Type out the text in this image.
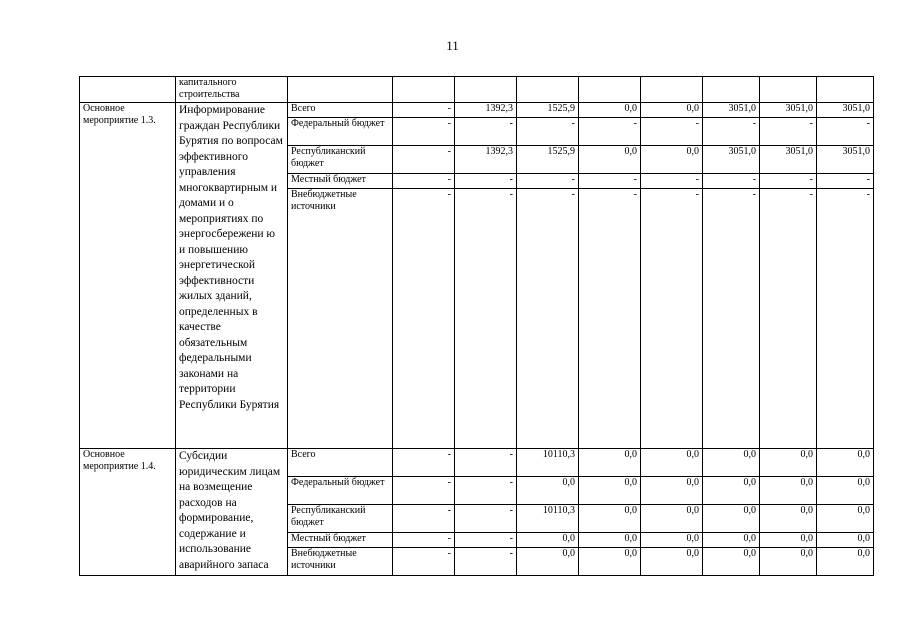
11
	капитального строительства									
Основное мероприятие 1.3.	Информирование граждан Республики Бурятия по вопросам эффективного управления многоквартирным и домами и о мероприятиях по энергосбережени ю и повышению энергетической эффективности жилых зданий, определенных в качестве обязательным федеральными законами на территории Республики Бурятия	Всего	-	1392,3	1525,9	0,0	0,0	3051,0	3051,0	3051,0
		Федеральный бюджет	-	-	-	-	-	-	-	-
		Республиканский бюджет	-	1392,3	1525,9	0,0	0,0	3051,0	3051,0	3051,0
		Местный бюджет	-	-	-	-	-	-	-	-
		Внебюджетные источники	-	-	-	-	-	-	-	-
Основное мероприятие 1.4.	Субсидии юридическим лицам на возмещение расходов на формирование, содержание и использование аварийного запаса	Всего	-	-	10110,3	0,0	0,0	0,0	0,0	0,0
		Федеральный бюджет	-	-	0,0	0,0	0,0	0,0	0,0	0,0
		Республиканский бюджет	-	-	10110,3	0,0	0,0	0,0	0,0	0,0
		Местный бюджет	-	-	0,0	0,0	0,0	0,0	0,0	0,0
		Внебюджетные источники	-	-	0,0	0,0	0,0	0,0	0,0	0,0
